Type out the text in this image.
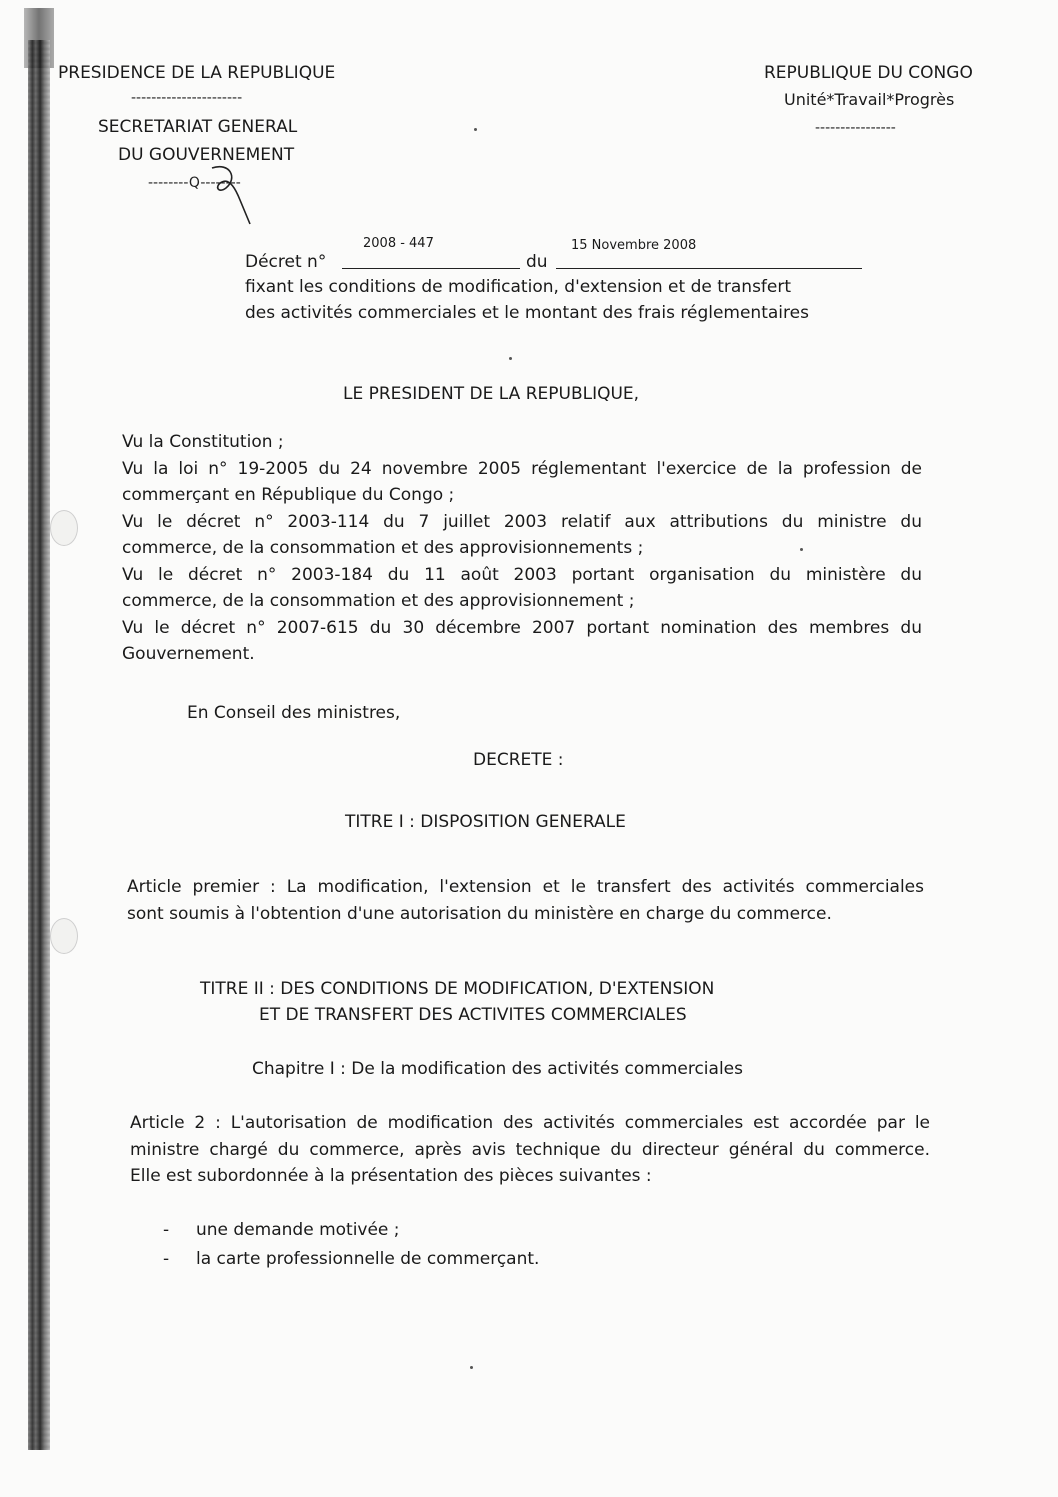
PRESIDENCE DE LA REPUBLIQUE
----------------------
SECRETARIAT GENERAL
DU GOUVERNEMENT
--------Q--------
REPUBLIQUE DU CONGO
Unité*Travail*Progrès
----------------
Décret n°
2008 - 447
du
15 Novembre 2008
fixant les conditions de modification, d'extension et de transfert
des activités commerciales et le montant des frais réglementaires
LE PRESIDENT DE LA REPUBLIQUE,
Vu la Constitution ;
Vu la loi n° 19-2005 du 24 novembre 2005 réglementant l'exercice de la profession de
commerçant en République du Congo ;
Vu le décret n° 2003-114 du 7 juillet 2003 relatif aux attributions du ministre du
commerce, de la consommation et des approvisionnements ;
Vu le décret n° 2003-184 du 11 août 2003 portant organisation du ministère du
commerce, de la consommation et des approvisionnement ;
Vu le décret n° 2007-615 du 30 décembre 2007 portant nomination des membres du
Gouvernement.
En Conseil des ministres,
DECRETE :
TITRE I : DISPOSITION GENERALE
Article premier : La modification, l'extension et le transfert des activités commerciales
sont soumis à l'obtention d'une autorisation du ministère en charge du commerce.
TITRE II : DES CONDITIONS DE MODIFICATION, D'EXTENSION
ET DE TRANSFERT DES ACTIVITES COMMERCIALES
Chapitre I : De la modification des activités commerciales
Article 2 : L'autorisation de modification des activités commerciales est accordée par le
ministre chargé du commerce, après avis technique du directeur général du commerce.
Elle est subordonnée à la présentation des pièces suivantes :
- une demande motivée ;
- la carte professionnelle de commerçant.
